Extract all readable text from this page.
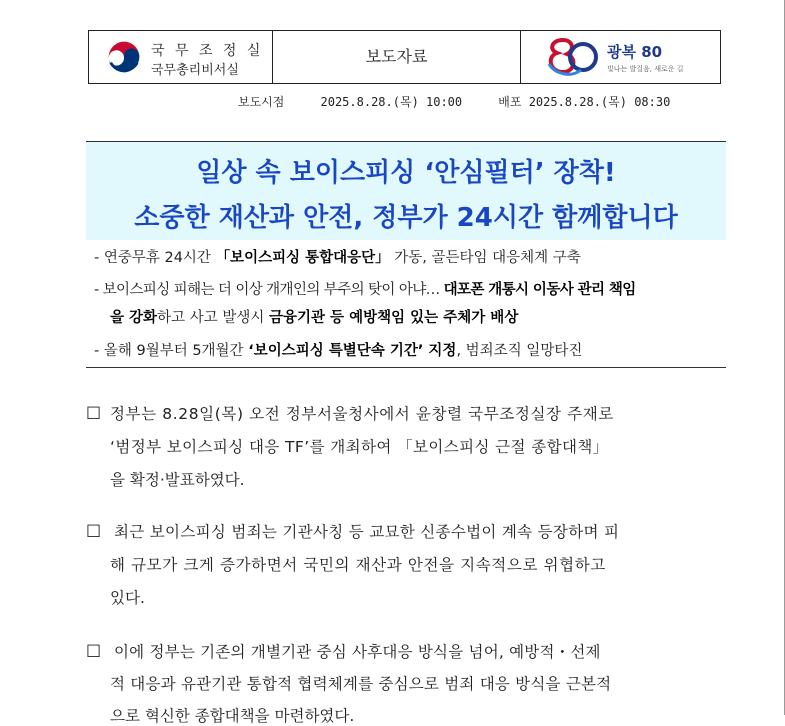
국 무 조 정 실
국무총리비서실
보도자료	광복 80
빛나는 발걸음, 새로운 길
보도시점	2025.8.28.(목) 10:00	배포 2025.8.28.(목) 08:30
일상 속 보이스피싱 ‘안심필터’ 장착!
소중한 재산과 안전, 정부가 24시간 함께합니다
- 연중무휴 24시간 「보이스피싱 통합대응단」 가동, 골든타임 대응체계 구축
- 보이스피싱 피해는 더 이상 개개인의 부주의 탓이 아냐… 대포폰 개통시 이동사 관리 책임
을 강화하고 사고 발생시 금융기관 등 예방책임 있는 주체가 배상
- 올해 9월부터 5개월간 ‘보이스피싱 특별단속 기간’ 지정, 범죄조직 일망타진
□ 정부는 8.28일(목) 오전 정부서울청사에서 윤창렬 국무조정실장 주재로
‘범정부 보이스피싱 대응 TF’를 개최하여 「보이스피싱 근절 종합대책」
을 확정·발표하였다.
□ 최근 보이스피싱 범죄는 기관사칭 등 교묘한 신종수법이 계속 등장하며 피
해 규모가 크게 증가하면서 국민의 재산과 안전을 지속적으로 위협하고
있다.
□ 이에 정부는 기존의 개별기관 중심 사후대응 방식을 넘어, 예방적・선제
적 대응과 유관기관 통합적 협력체계를 중심으로 범죄 대응 방식을 근본적
으로 혁신한 종합대책을 마련하였다.
